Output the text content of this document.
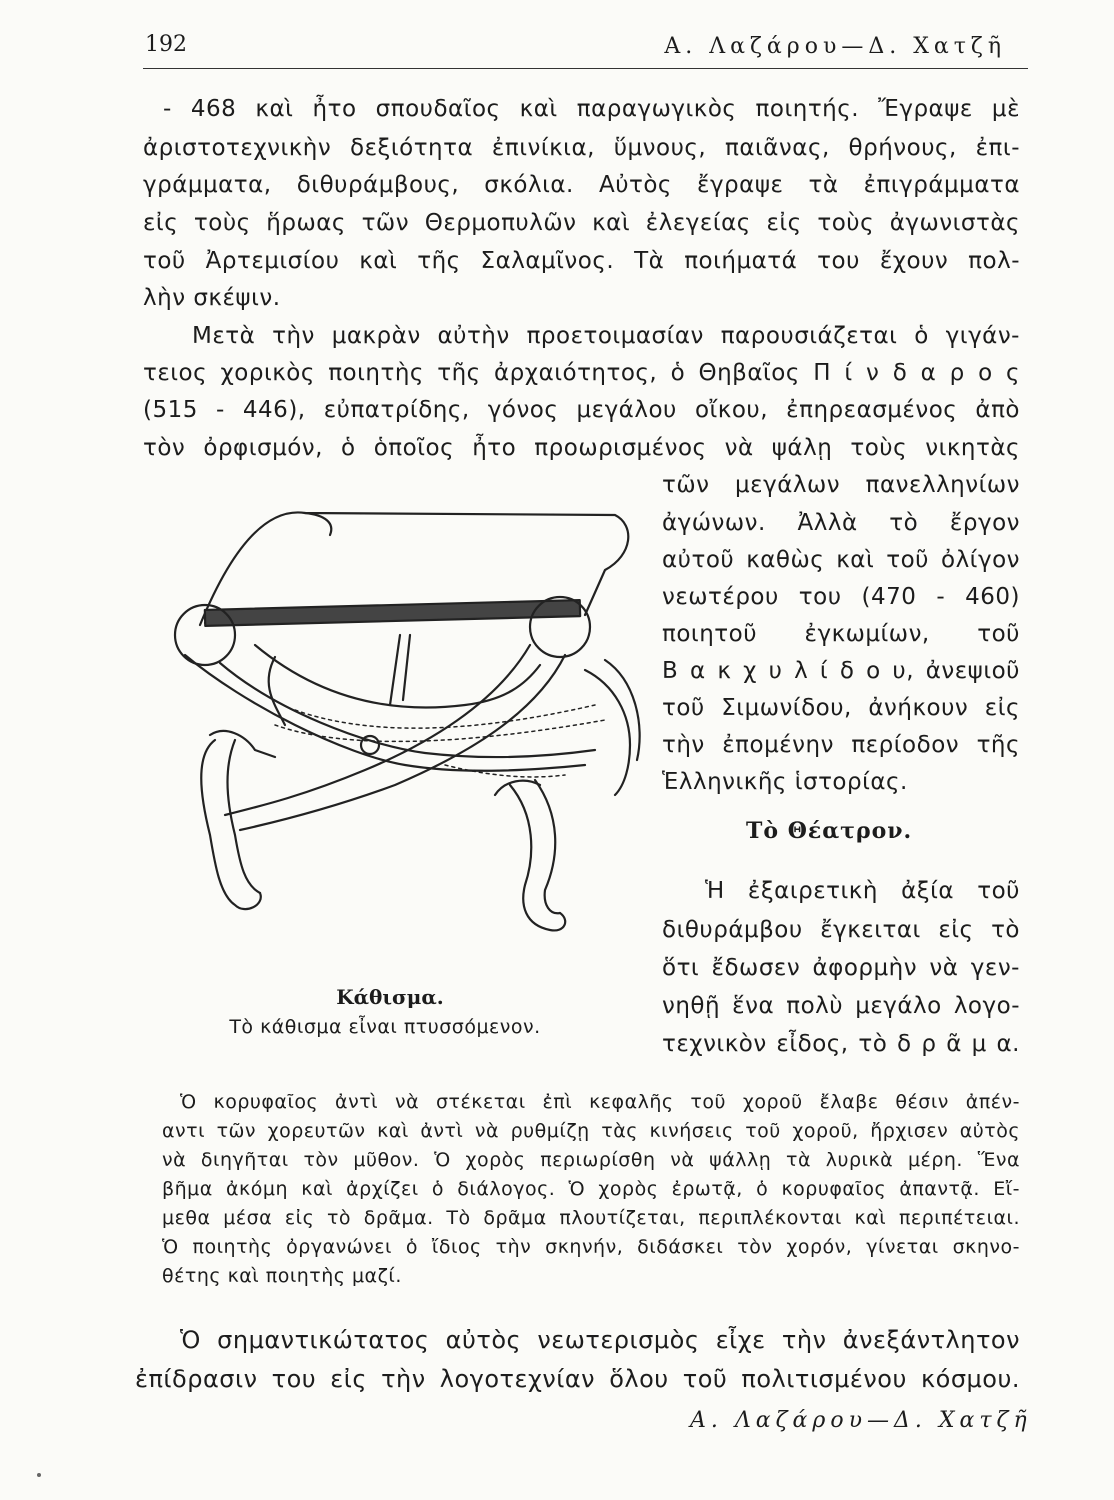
192	Α. Λαζάρου—Δ. Χατζῆ
- 468 καὶ ἦτο σπουδαῖος καὶ παραγωγικὸς ποιητής. Ἔγραψε μὲ
ἀριστοτεχνικὴν δεξιότητα ἐπινίκια, ὕμνους, παιᾶνας, θρήνους, ἐπι-
γράμματα, διθυράμβους, σκόλια. Αὐτὸς ἔγραψε τὰ ἐπιγράμματα
εἰς τοὺς ἥρωας τῶν Θερμοπυλῶν καὶ ἐλεγείας εἰς τοὺς ἀγωνιστὰς
τοῦ Ἀρτεμισίου καὶ τῆς Σαλαμῖνος. Τὰ ποιήματά του ἔχουν πολ-
λὴν σκέψιν.
Μετὰ τὴν μακρὰν αὐτὴν προετοιμασίαν παρουσιάζεται ὁ γιγάν-
τειος χορικὸς ποιητὴς τῆς ἀρχαιότητος, ὁ Θηβαῖος Π ί ν δ α ρ ο ς
(515 - 446), εὐπατρίδης, γόνος μεγάλου οἴκου, ἐπηρεασμένος ἀπὸ
τὸν ὀρφισμόν, ὁ ὁποῖος ἦτο προωρισμένος νὰ ψάλῃ τοὺς νικητὰς
τῶν μεγάλων πανελληνίων
ἀγώνων. Ἀλλὰ τὸ ἔργον
αὐτοῦ καθὼς καὶ τοῦ ὀλίγον
νεωτέρου του (470 - 460)
ποιητοῦ ἐγκωμίων, τοῦ
Β α κ χ υ λ ί δ ο υ, ἀνεψιοῦ
τοῦ Σιμωνίδου, ἀνήκουν εἰς
τὴν ἐπομένην περίοδον τῆς
Ἑλληνικῆς ἱστορίας.
Τὸ Θέατρον.
Ἡ ἐξαιρετικὴ ἀξία τοῦ
διθυράμβου ἔγκειται εἰς τὸ
ὅτι ἔδωσεν ἀφορμὴν νὰ γεν-
νηθῇ ἕνα πολὺ μεγάλο λογο-
τεχνικὸν εἶδος, τὸ δ ρ ᾶ μ α.
Κάθισμα.
Τὸ κάθισμα εἶναι πτυσσόμενον.
Ὁ κορυφαῖος ἀντὶ νὰ στέκεται ἐπὶ κεφαλῆς τοῦ χοροῦ ἔλαβε θέσιν ἀπέν-
αντι τῶν χορευτῶν καὶ ἀντὶ νὰ ρυθμίζῃ τὰς κινήσεις τοῦ χοροῦ, ἤρχισεν αὐτὸς
νὰ διηγῆται τὸν μῦθον. Ὁ χορὸς περιωρίσθη νὰ ψάλλῃ τὰ λυρικὰ μέρη. Ἕνα
βῆμα ἀκόμη καὶ ἀρχίζει ὁ διάλογος. Ὁ χορὸς ἐρωτᾷ, ὁ κορυφαῖος ἀπαντᾷ. Εἴ-
μεθα μέσα εἰς τὸ δρᾶμα. Τὸ δρᾶμα πλουτίζεται, περιπλέκονται καὶ περιπέτειαι.
Ὁ ποιητὴς ὀργανώνει ὁ ἴδιος τὴν σκηνήν, διδάσκει τὸν χορόν, γίνεται σκηνο-
θέτης καὶ ποιητὴς μαζί.
Ὁ σημαντικώτατος αὐτὸς νεωτερισμὸς εἶχε τὴν ἀνεξάντλητον
ἐπίδρασιν του εἰς τὴν λογοτεχνίαν ὅλου τοῦ πολιτισμένου κόσμου.
Α. Λαζάρου—Δ. Χατζῆ
